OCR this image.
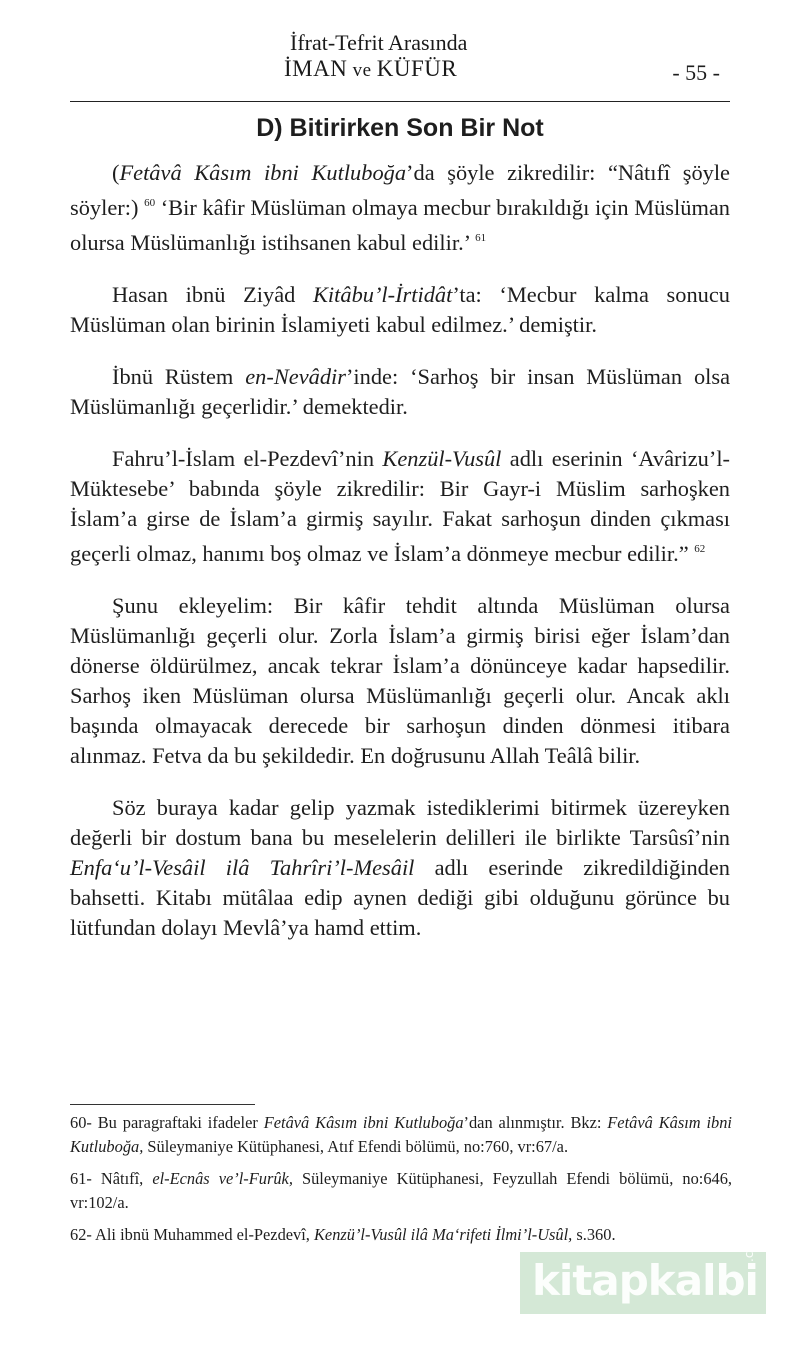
İfrat-Tefrit Arasında
İMAN ve KÜFÜR	- 55 -
D) Bitirirken Son Bir Not

(Fetâvâ Kâsım ibni Kutluboğa’da şöyle zikredilir: “Nâtıfî şöyle söyler:) $^{60}$ ‘Bir kâfir Müslüman olmaya mecbur bırakıldığı için Müslüman olursa Müslümanlığı istihsanen kabul edilir.’ $^{61}$

Hasan ibnü Ziyâd Kitâbu’l-İrtidât’ta: ‘Mecbur kalma sonucu Müslüman olan birinin İslamiyeti kabul edilmez.’ demiştir.

İbnü Rüstem en-Nevâdir’inde: ‘Sarhoş bir insan Müslüman olsa Müslümanlığı geçerlidir.’ demektedir.

Fahru’l-İslam el-Pezdevî’nin Kenzül-Vusûl adlı eserinin ‘Avârizu’l-Müktesebe’ babında şöyle zikredilir: Bir Gayr-i Müslim sarhoşken İslam’a girse de İslam’a girmiş sayılır. Fakat sarhoşun dinden çıkması geçerli olmaz, hanımı boş olmaz ve İslam’a dönmeye mecbur edilir.” $^{62}$

Şunu ekleyelim: Bir kâfir tehdit altında Müslüman olursa Müslümanlığı geçerli olur. Zorla İslam’a girmiş birisi eğer İslam’dan dönerse öldürülmez, ancak tekrar İslam’a dönünceye kadar hapsedilir. Sarhoş iken Müslüman olursa Müslümanlığı geçerli olur. Ancak aklı başında olmayacak derecede bir sarhoşun dinden dönmesi itibara alınmaz. Fetva da bu şekildedir. En doğrusunu Allah Teâlâ bilir.

Söz buraya kadar gelip yazmak istediklerimi bitirmek üzereyken değerli bir dostum bana bu meselelerin delilleri ile birlikte Tarsûsî’nin Enfa‘u’l-Vesâil ilâ Tahrîri’l-Mesâil adlı eserinde zikredildiğinden bahsetti. Kitabı mütâlaa edip aynen dediği gibi olduğunu görünce bu lütfundan dolayı Mevlâ’ya hamd ettim.

60- Bu paragraftaki ifadeler Fetâvâ Kâsım ibni Kutluboğa’dan alınmıştır. Bkz: Fetâvâ Kâsım ibni Kutluboğa, Süleymaniye Kütüphanesi, Atıf Efendi bölümü, no:760, vr:67/a.

61- Nâtıfî, el-Ecnâs ve’l-Furûk, Süleymaniye Kütüphanesi, Feyzullah Efendi bölümü, no:646, vr:102/a.

62- Ali ibnü Muhammed el-Pezdevî, Kenzü’l-Vusûl ilâ Ma‘rifeti İlmi’l-Usûl, s.360.

kitapkalbi
.com
